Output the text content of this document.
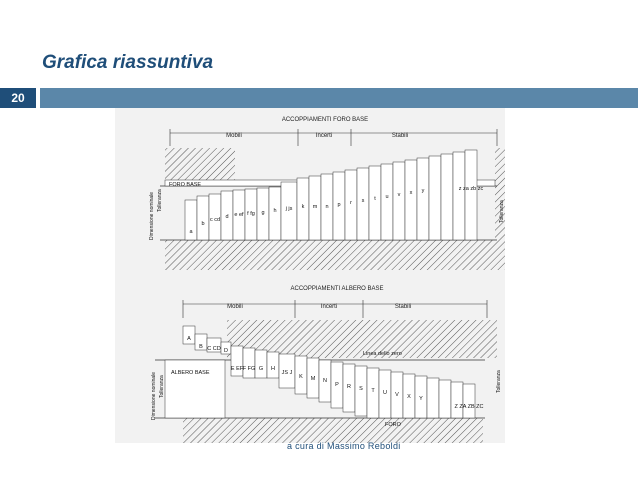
Grafica riassuntiva
20
ACCOPPIAMENTI FORO BASE
Mobili	Incerti	Stabili
FORO BASE
a
b
c cd d e ef f fg g h j js k m n p r s t u v x y	z za zb zc
Dimensione nominale Tolleranza	Tolleranza
ACCOPPIAMENTI ALBERO BASE
Mobili	Incerti	Stabili
ALBERO BASE
Linea dello zero
FORO
A
B C CD D
E EF F FG G H
JS J
K M N
P R S T U V X Y
Z ZA ZB ZC
Dimensione nominale Tolleranza	Tolleranza
a cura di Massimo Reboldi
